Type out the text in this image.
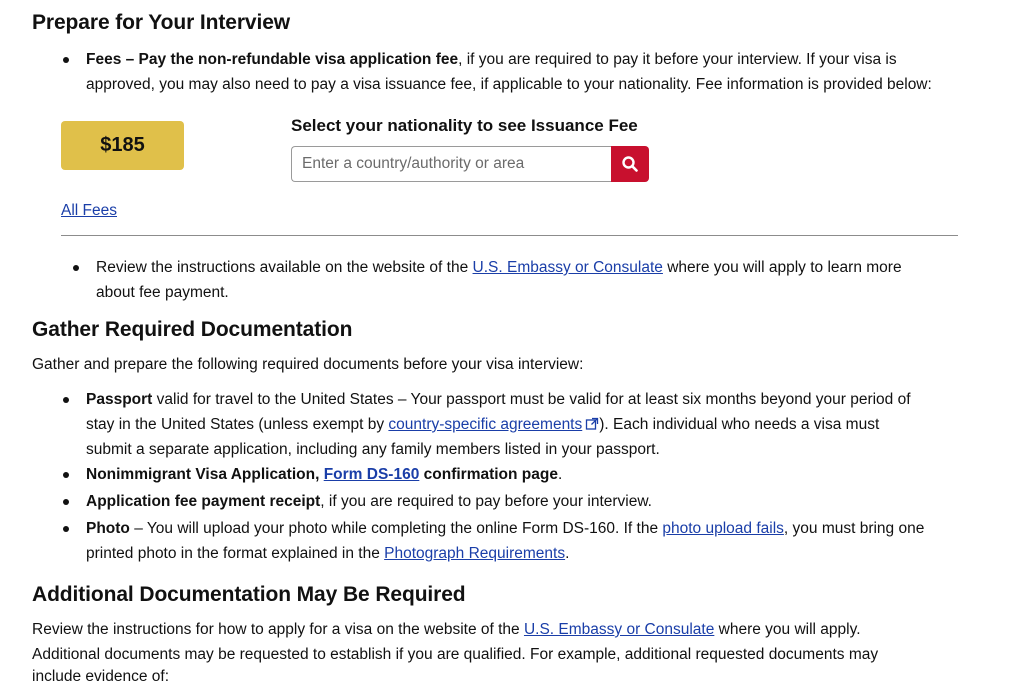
Prepare for Your Interview

Fees – Pay the non-refundable visa application fee, if you are required to pay it before your interview. If your visa is

approved, you may also need to pay a visa issuance fee, if applicable to your nationality. Fee information is provided below:

$185
Select your nationality to see Issuance Fee
Enter a country/authority or area

All Fees

Review the instructions available on the website of the U.S. Embassy or Consulate where you will apply to learn more

about fee payment.

Gather Required Documentation

Gather and prepare the following required documents before your visa interview:

Passport valid for travel to the United States – Your passport must be valid for at least six months beyond your period of

stay in the United States (unless exempt by country-specific agreements ). Each individual who needs a visa must

submit a separate application, including any family members listed in your passport.

Nonimmigrant Visa Application, Form DS-160 confirmation page.

Application fee payment receipt, if you are required to pay before your interview.

Photo – You will upload your photo while completing the online Form DS-160. If the photo upload fails, you must bring one

printed photo in the format explained in the Photograph Requirements.

Additional Documentation May Be Required

Review the instructions for how to apply for a visa on the website of the U.S. Embassy or Consulate where you will apply.

Additional documents may be requested to establish if you are qualified. For example, additional requested documents may

include evidence of:
